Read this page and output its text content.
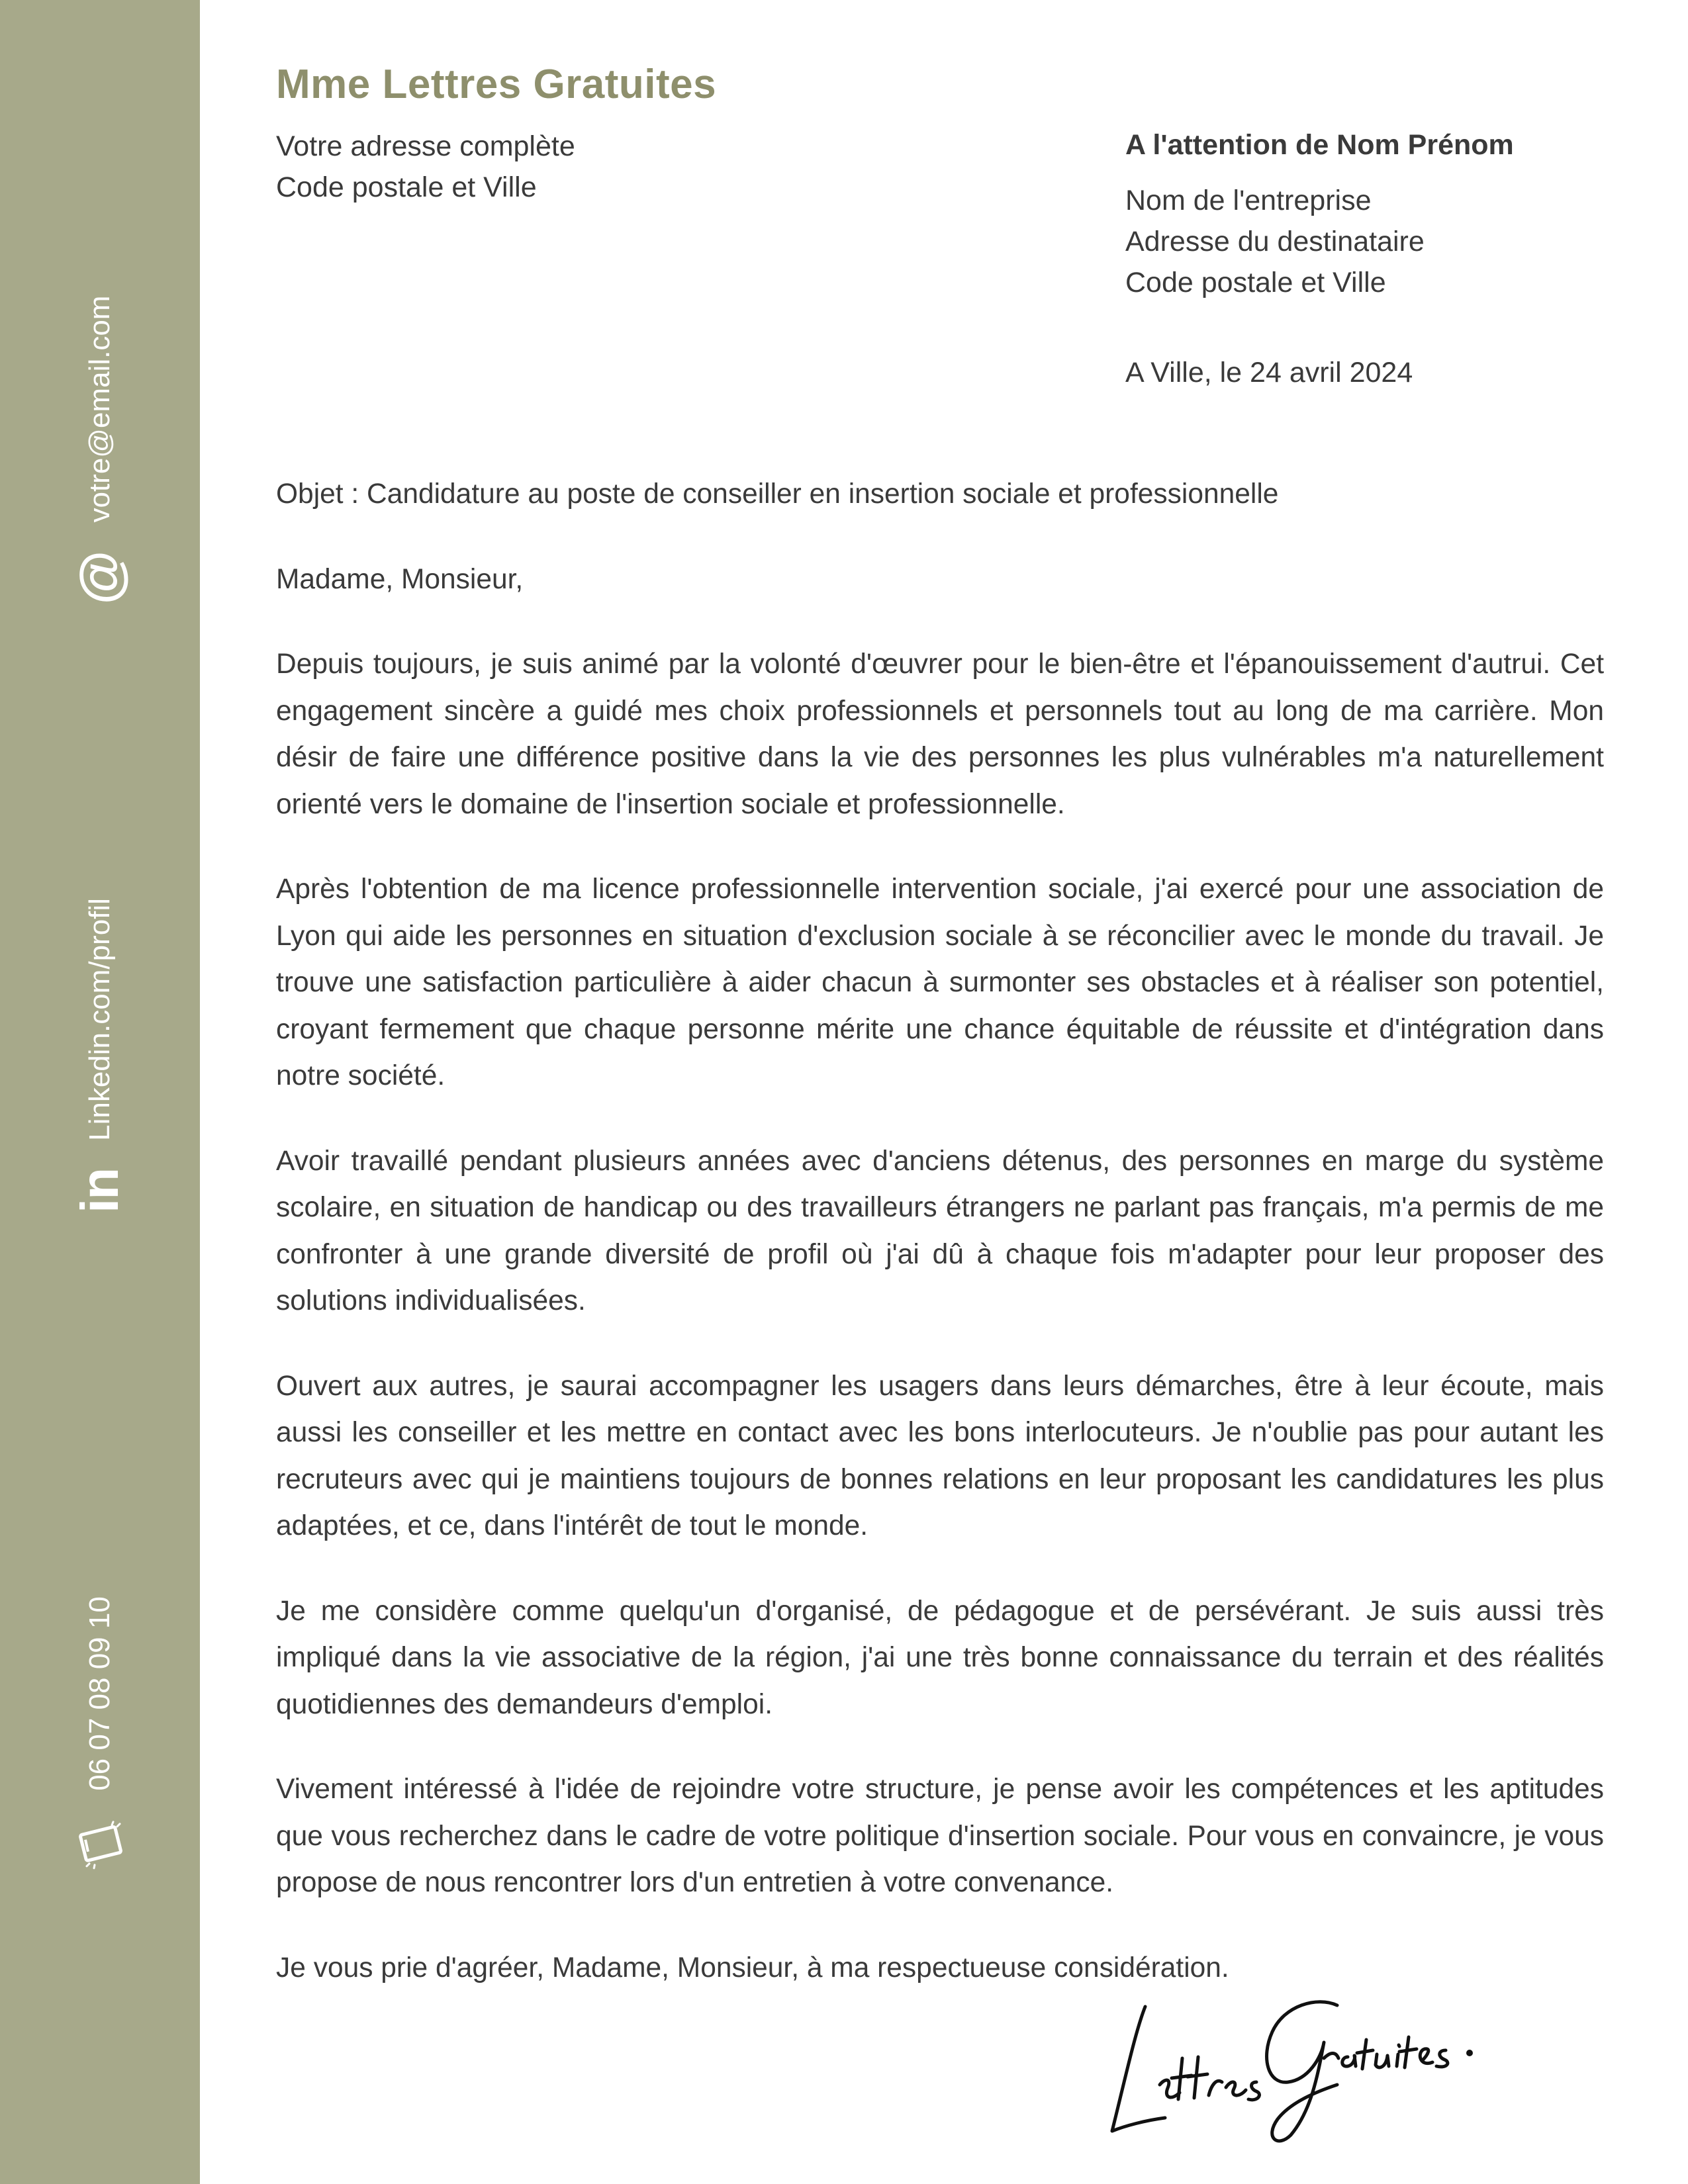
@
votre@email.com
in
Linkedin.com/profil
06 07 08 09 10
Mme Lettres Gratuites
Votre adresse complète
Code postale et Ville
A l'attention de Nom Prénom
Nom de l'entreprise
Adresse du destinataire
Code postale et Ville
A Ville, le 24 avril 2024

Objet : Candidature au poste de conseiller en insertion sociale et professionnelle

Madame, Monsieur,

Depuis toujours, je suis animé par la volonté d'œuvrer pour le bien-être et l'épanouissement d'autrui. Cet engagement sincère a guidé mes choix professionnels et personnels tout au long de ma carrière. Mon désir de faire une différence positive dans la vie des personnes les plus vulnérables m'a naturellement orienté vers le domaine de l'insertion sociale et professionnelle.

Après l'obtention de ma licence professionnelle intervention sociale, j'ai exercé pour une association de Lyon qui aide les personnes en situation d'exclusion sociale à se réconcilier avec le monde du travail. Je trouve une satisfaction particulière à aider chacun à surmonter ses obstacles et à réaliser son potentiel, croyant fermement que chaque personne mérite une chance équitable de réussite et d'intégration dans notre société.

Avoir travaillé pendant plusieurs années avec d'anciens détenus, des personnes en marge du système scolaire, en situation de handicap ou des travailleurs étrangers ne parlant pas français, m'a permis de me confronter à une grande diversité de profil où j'ai dû à chaque fois m'adapter pour leur proposer des solutions individualisées.

Ouvert aux autres, je saurai accompagner les usagers dans leurs démarches, être à leur écoute, mais aussi les conseiller et les mettre en contact avec les bons interlocuteurs. Je n'oublie pas pour autant les recruteurs avec qui je maintiens toujours de bonnes relations en leur proposant les candidatures les plus adaptées, et ce, dans l'intérêt de tout le monde.

Je me considère comme quelqu'un d'organisé, de pédagogue et de persévérant. Je suis aussi très impliqué dans la vie associative de la région, j'ai une très bonne connaissance du terrain et des réalités quotidiennes des demandeurs d'emploi.

Vivement intéressé à l'idée de rejoindre votre structure, je pense avoir les compétences et les aptitudes que vous recherchez dans le cadre de votre politique d'insertion sociale. Pour vous en convaincre, je vous propose de nous rencontrer lors d'un entretien à votre convenance.

Je vous prie d'agréer, Madame, Monsieur, à ma respectueuse considération.
